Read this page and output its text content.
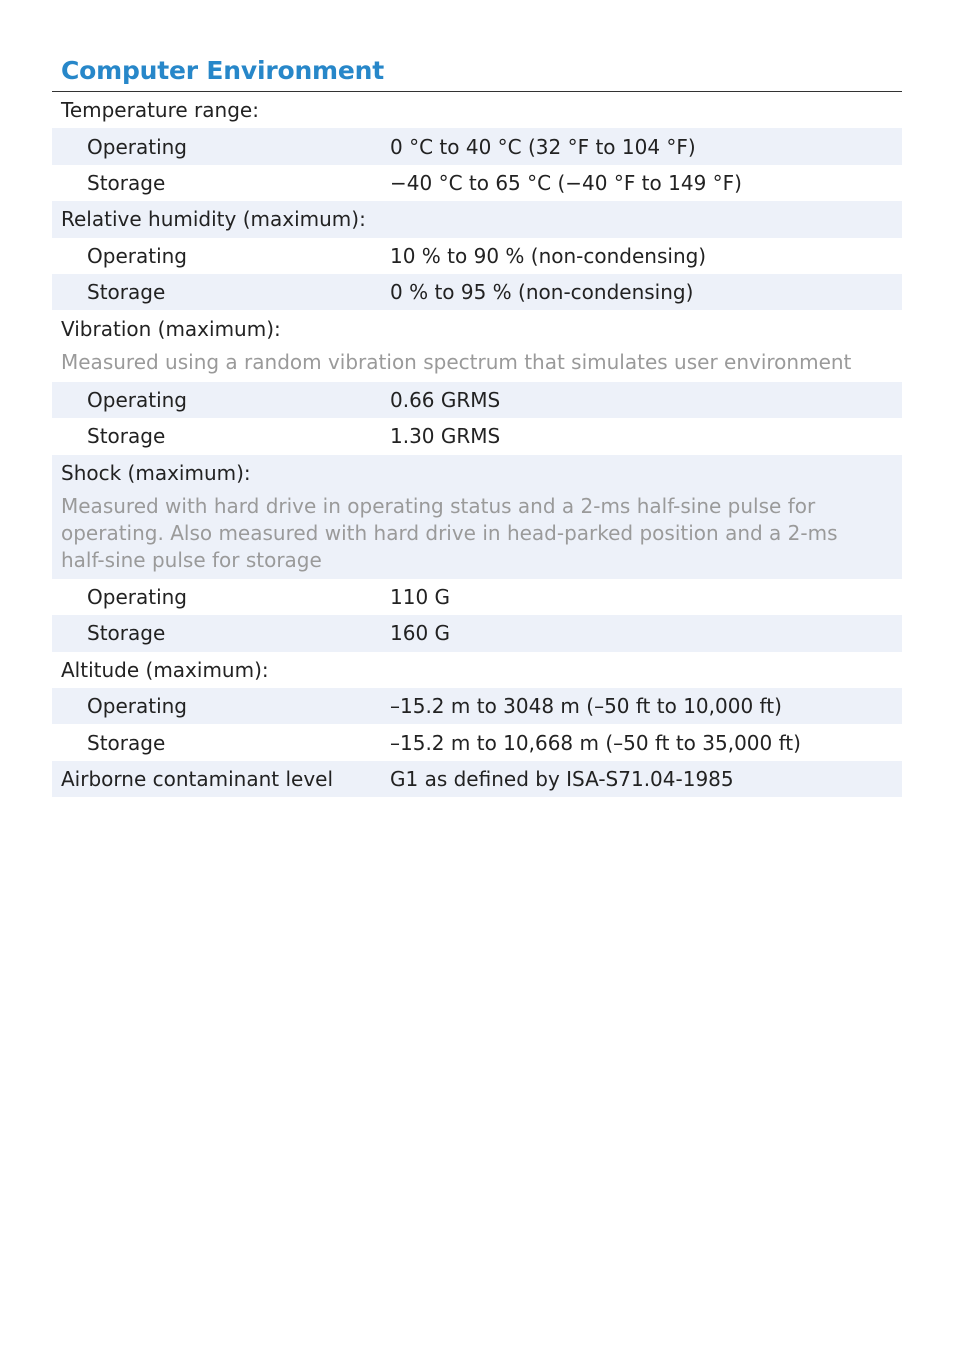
Computer Environment
Temperature range:
Operating	0 °C to 40 °C (32 °F to 104 °F)
Storage	−40 °C to 65 °C (−40 °F to 149 °F)
Relative humidity (maximum):
Operating	10 % to 90 % (non-condensing)
Storage	0 % to 95 % (non-condensing)
Vibration (maximum):
Measured using a random vibration spectrum that simulates user environment
Operating	0.66 GRMS
Storage	1.30 GRMS
Shock (maximum):
Measured with hard drive in operating status and a 2-ms half-sine pulse for operating. Also measured with hard drive in head-parked position and a 2-ms half-sine pulse for storage
Operating	110 G
Storage	160 G
Altitude (maximum):
Operating	–15.2 m to 3048 m (–50 ft to 10,000 ft)
Storage	–15.2 m to 10,668 m (–50 ft to 35,000 ft)
Airborne contaminant level	G1 as defined by ISA-S71.04-1985
